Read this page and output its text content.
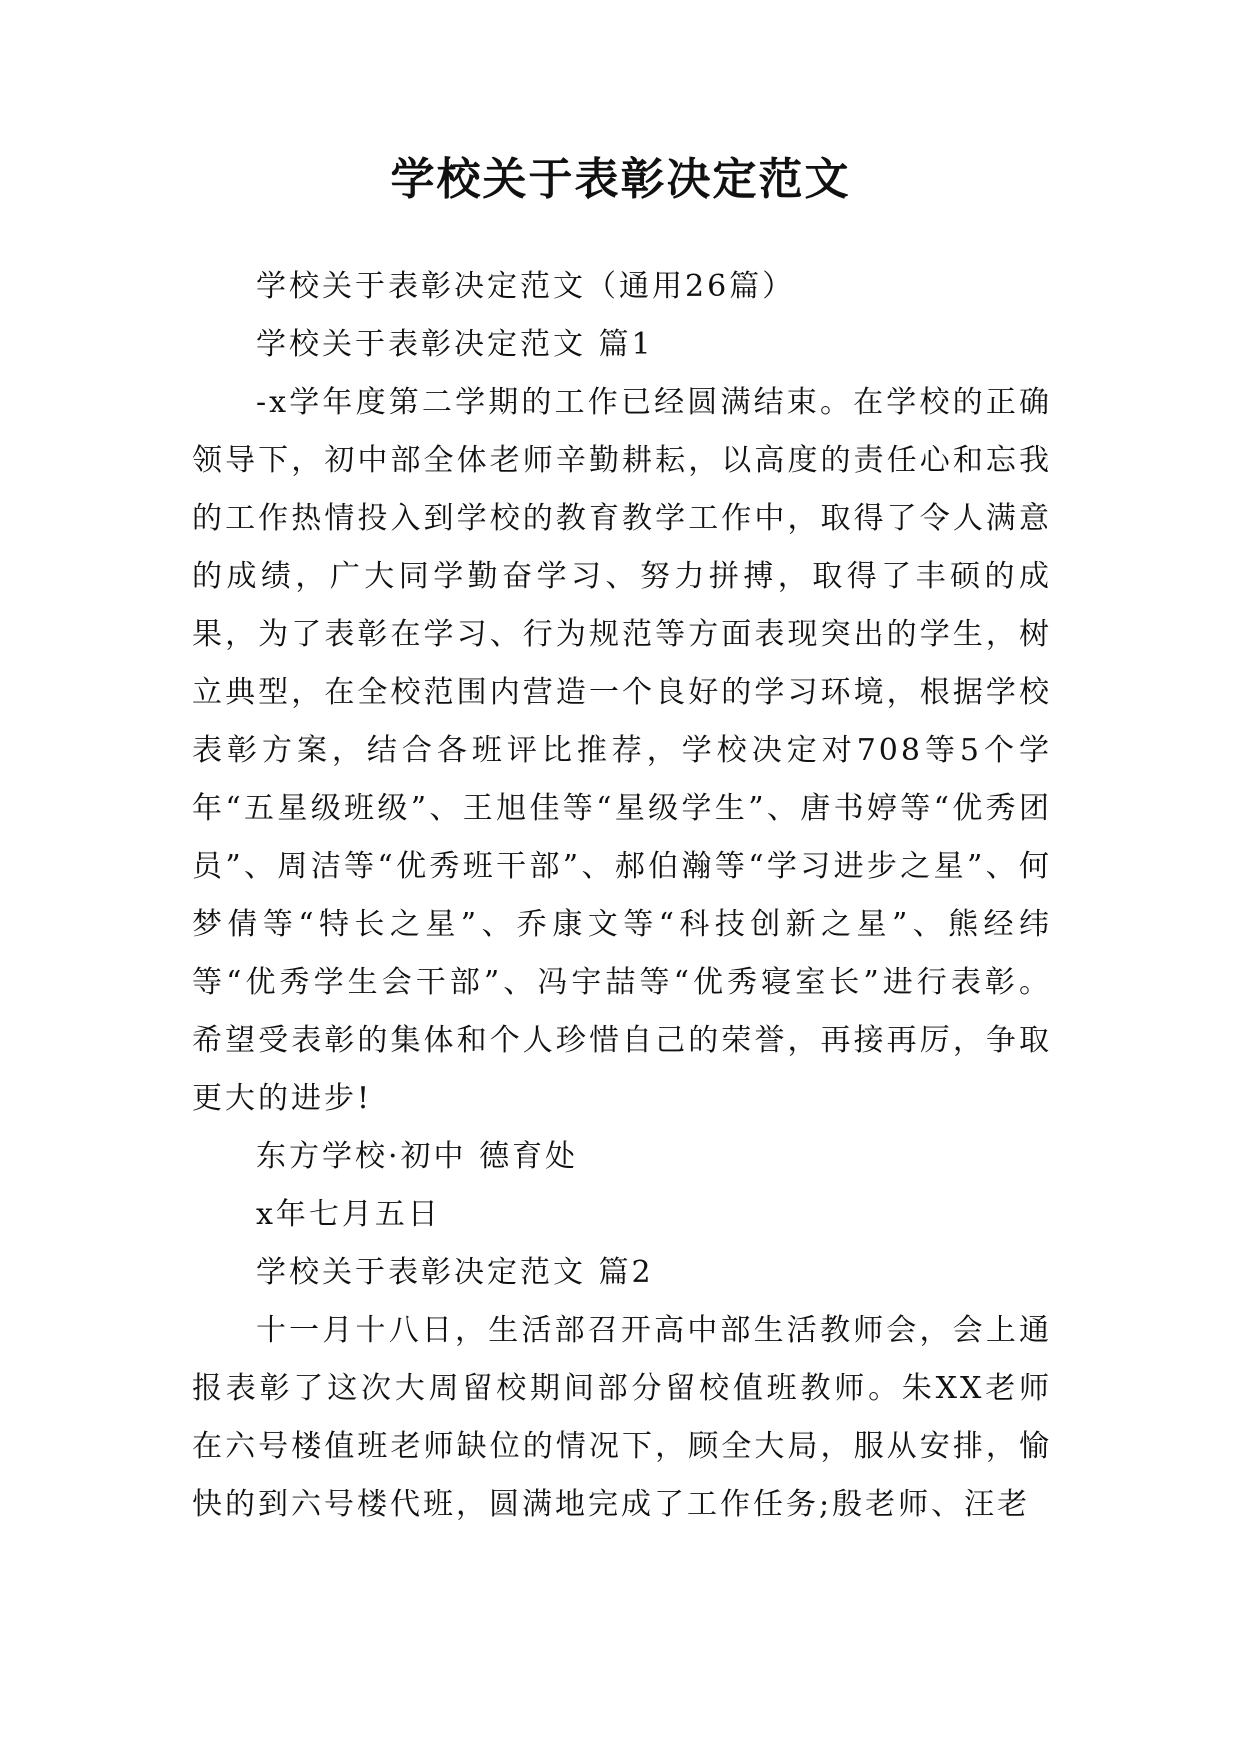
学校关于表彰决定范文

学校关于表彰决定范文（通用26篇）

学校关于表彰决定范文 篇1

-x学年度第二学期的工作已经圆满结束。在学校的正确领导下，初中部全体老师辛勤耕耘，以高度的责任心和忘我的工作热情投入到学校的教育教学工作中，取得了令人满意的成绩，广大同学勤奋学习、努力拼搏，取得了丰硕的成果，为了表彰在学习、行为规范等方面表现突出的学生，树立典型，在全校范围内营造一个良好的学习环境，根据学校表彰方案，结合各班评比推荐，学校决定对708等5个学年“五星级班级”、王旭佳等“星级学生”、唐书婷等“优秀团员”、周洁等“优秀班干部”、郝伯瀚等“学习进步之星”、何梦倩等“特长之星”、乔康文等“科技创新之星”、熊经纬等“优秀学生会干部”、冯宇喆等“优秀寝室长”进行表彰。希望受表彰的集体和个人珍惜自己的荣誉，再接再厉，争取更大的进步!

东方学校·初中 德育处

x年七月五日

学校关于表彰决定范文 篇2

十一月十八日，生活部召开高中部生活教师会，会上通报表彰了这次大周留校期间部分留校值班教师。朱XX老师在六号楼值班老师缺位的情况下，顾全大局，服从安排，愉快的到六号楼代班，圆满地完成了工作任务;殷老师、汪老
